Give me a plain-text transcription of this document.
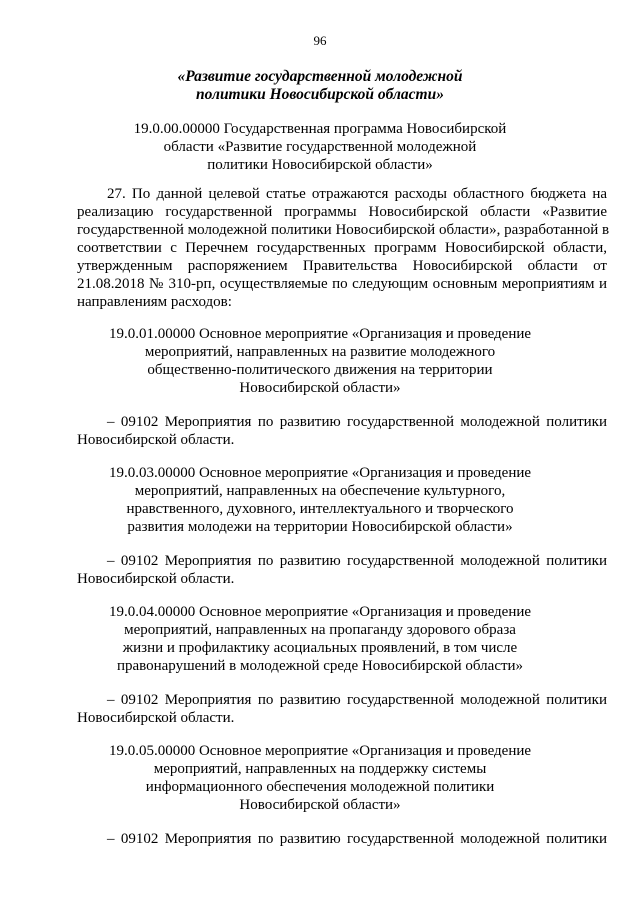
96
«Развитие государственной молодежной
политики Новосибирской области»
19.0.00.00000 Государственная программа Новосибирской
области «Развитие государственной молодежной
политики Новосибирской области»
27. По данной целевой статье отражаются расходы областного бюджета на
реализацию государственной программы Новосибирской области «Развитие
государственной молодежной политики Новосибирской области», разработанной в
соответствии с Перечнем государственных программ Новосибирской области,
утвержденным распоряжением Правительства Новосибирской области от
21.08.2018 № 310-рп, осуществляемые по следующим основным мероприятиям и
направлениям расходов:
19.0.01.00000 Основное мероприятие «Организация и проведение
мероприятий, направленных на развитие молодежного
общественно-политического движения на территории
Новосибирской области»
– 09102 Мероприятия по развитию государственной молодежной политики
Новосибирской области.
19.0.03.00000 Основное мероприятие «Организация и проведение
мероприятий, направленных на обеспечение культурного,
нравственного, духовного, интеллектуального и творческого
развития молодежи на территории Новосибирской области»
– 09102 Мероприятия по развитию государственной молодежной политики
Новосибирской области.
19.0.04.00000 Основное мероприятие «Организация и проведение
мероприятий, направленных на пропаганду здорового образа
жизни и профилактику асоциальных проявлений, в том числе
правонарушений в молодежной среде Новосибирской области»
– 09102 Мероприятия по развитию государственной молодежной политики
Новосибирской области.
19.0.05.00000 Основное мероприятие «Организация и проведение
мероприятий, направленных на поддержку системы
информационного обеспечения молодежной политики
Новосибирской области»
– 09102 Мероприятия по развитию государственной молодежной политики
